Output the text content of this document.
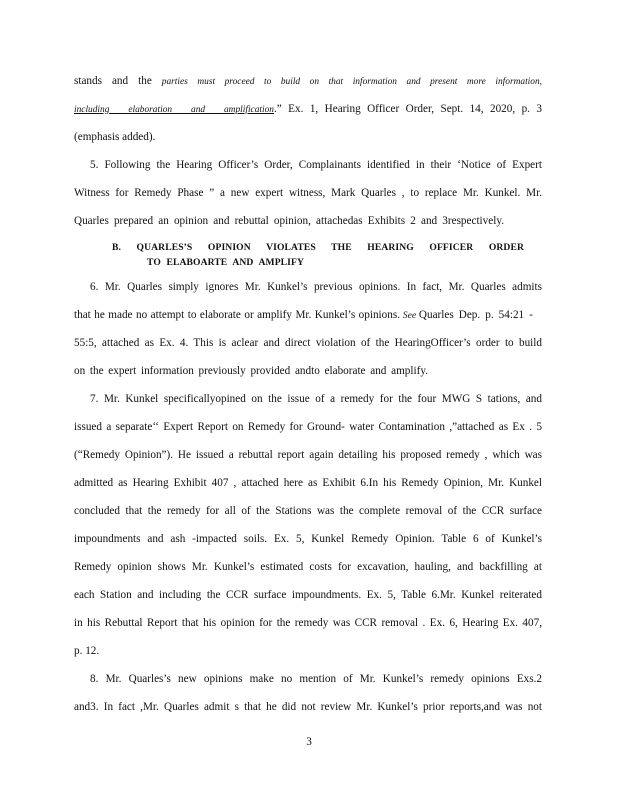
stands and the parties must proceed to build on that information and present more information,
including elaboration and amplification.” Ex. 1, Hearing Officer Order, Sept. 14, 2020, p. 3
(emphasis added).
5. Following the Hearing Officer’s Order, Complainants identified in their ‘Notice of Expert
Witness for Remedy Phase ” a new expert witness, Mark Quarles , to replace Mr. Kunkel. Mr.
Quarles prepared an opinion and rebuttal opinion, attachedas Exhibits 2 and 3respectively.
B. QUARLES’S OPINION VIOLATES THE HEARING OFFICER ORDER
TO ELABOARTE AND AMPLIFY
6. Mr. Quarles simply ignores Mr. Kunkel’s previous opinions. In fact, Mr. Quarles admits
that he made no attempt to elaborate or amplify Mr. Kunkel’s opinions. See Quarles Dep. p. 54:21 -
55:5, attached as Ex. 4. This is aclear and direct violation of the HearingOfficer’s order to build
on the expert information previously provided andto elaborate and amplify.
7. Mr. Kunkel specificallyopined on the issue of a remedy for the four MWG S tations, and
issued a separate‘‘ Expert Report on Remedy for Ground- water Contamination ,”attached as Ex . 5
(“Remedy Opinion”). He issued a rebuttal report again detailing his proposed remedy , which was
admitted as Hearing Exhibit 407 , attached here as Exhibit 6.In his Remedy Opinion, Mr. Kunkel
concluded that the remedy for all of the Stations was the complete removal of the CCR surface
impoundments and ash -impacted soils. Ex. 5, Kunkel Remedy Opinion. Table 6 of Kunkel’s
Remedy opinion shows Mr. Kunkel’s estimated costs for excavation, hauling, and backfilling at
each Station and including the CCR surface impoundments. Ex. 5, Table 6.Mr. Kunkel reiterated
in his Rebuttal Report that his opinion for the remedy was CCR removal . Ex. 6, Hearing Ex. 407,
p. 12.
8. Mr. Quarles’s new opinions make no mention of Mr. Kunkel’s remedy opinions Exs.2
and3. In fact ,Mr. Quarles admit s that he did not review Mr. Kunkel’s prior reports,and was not
3
